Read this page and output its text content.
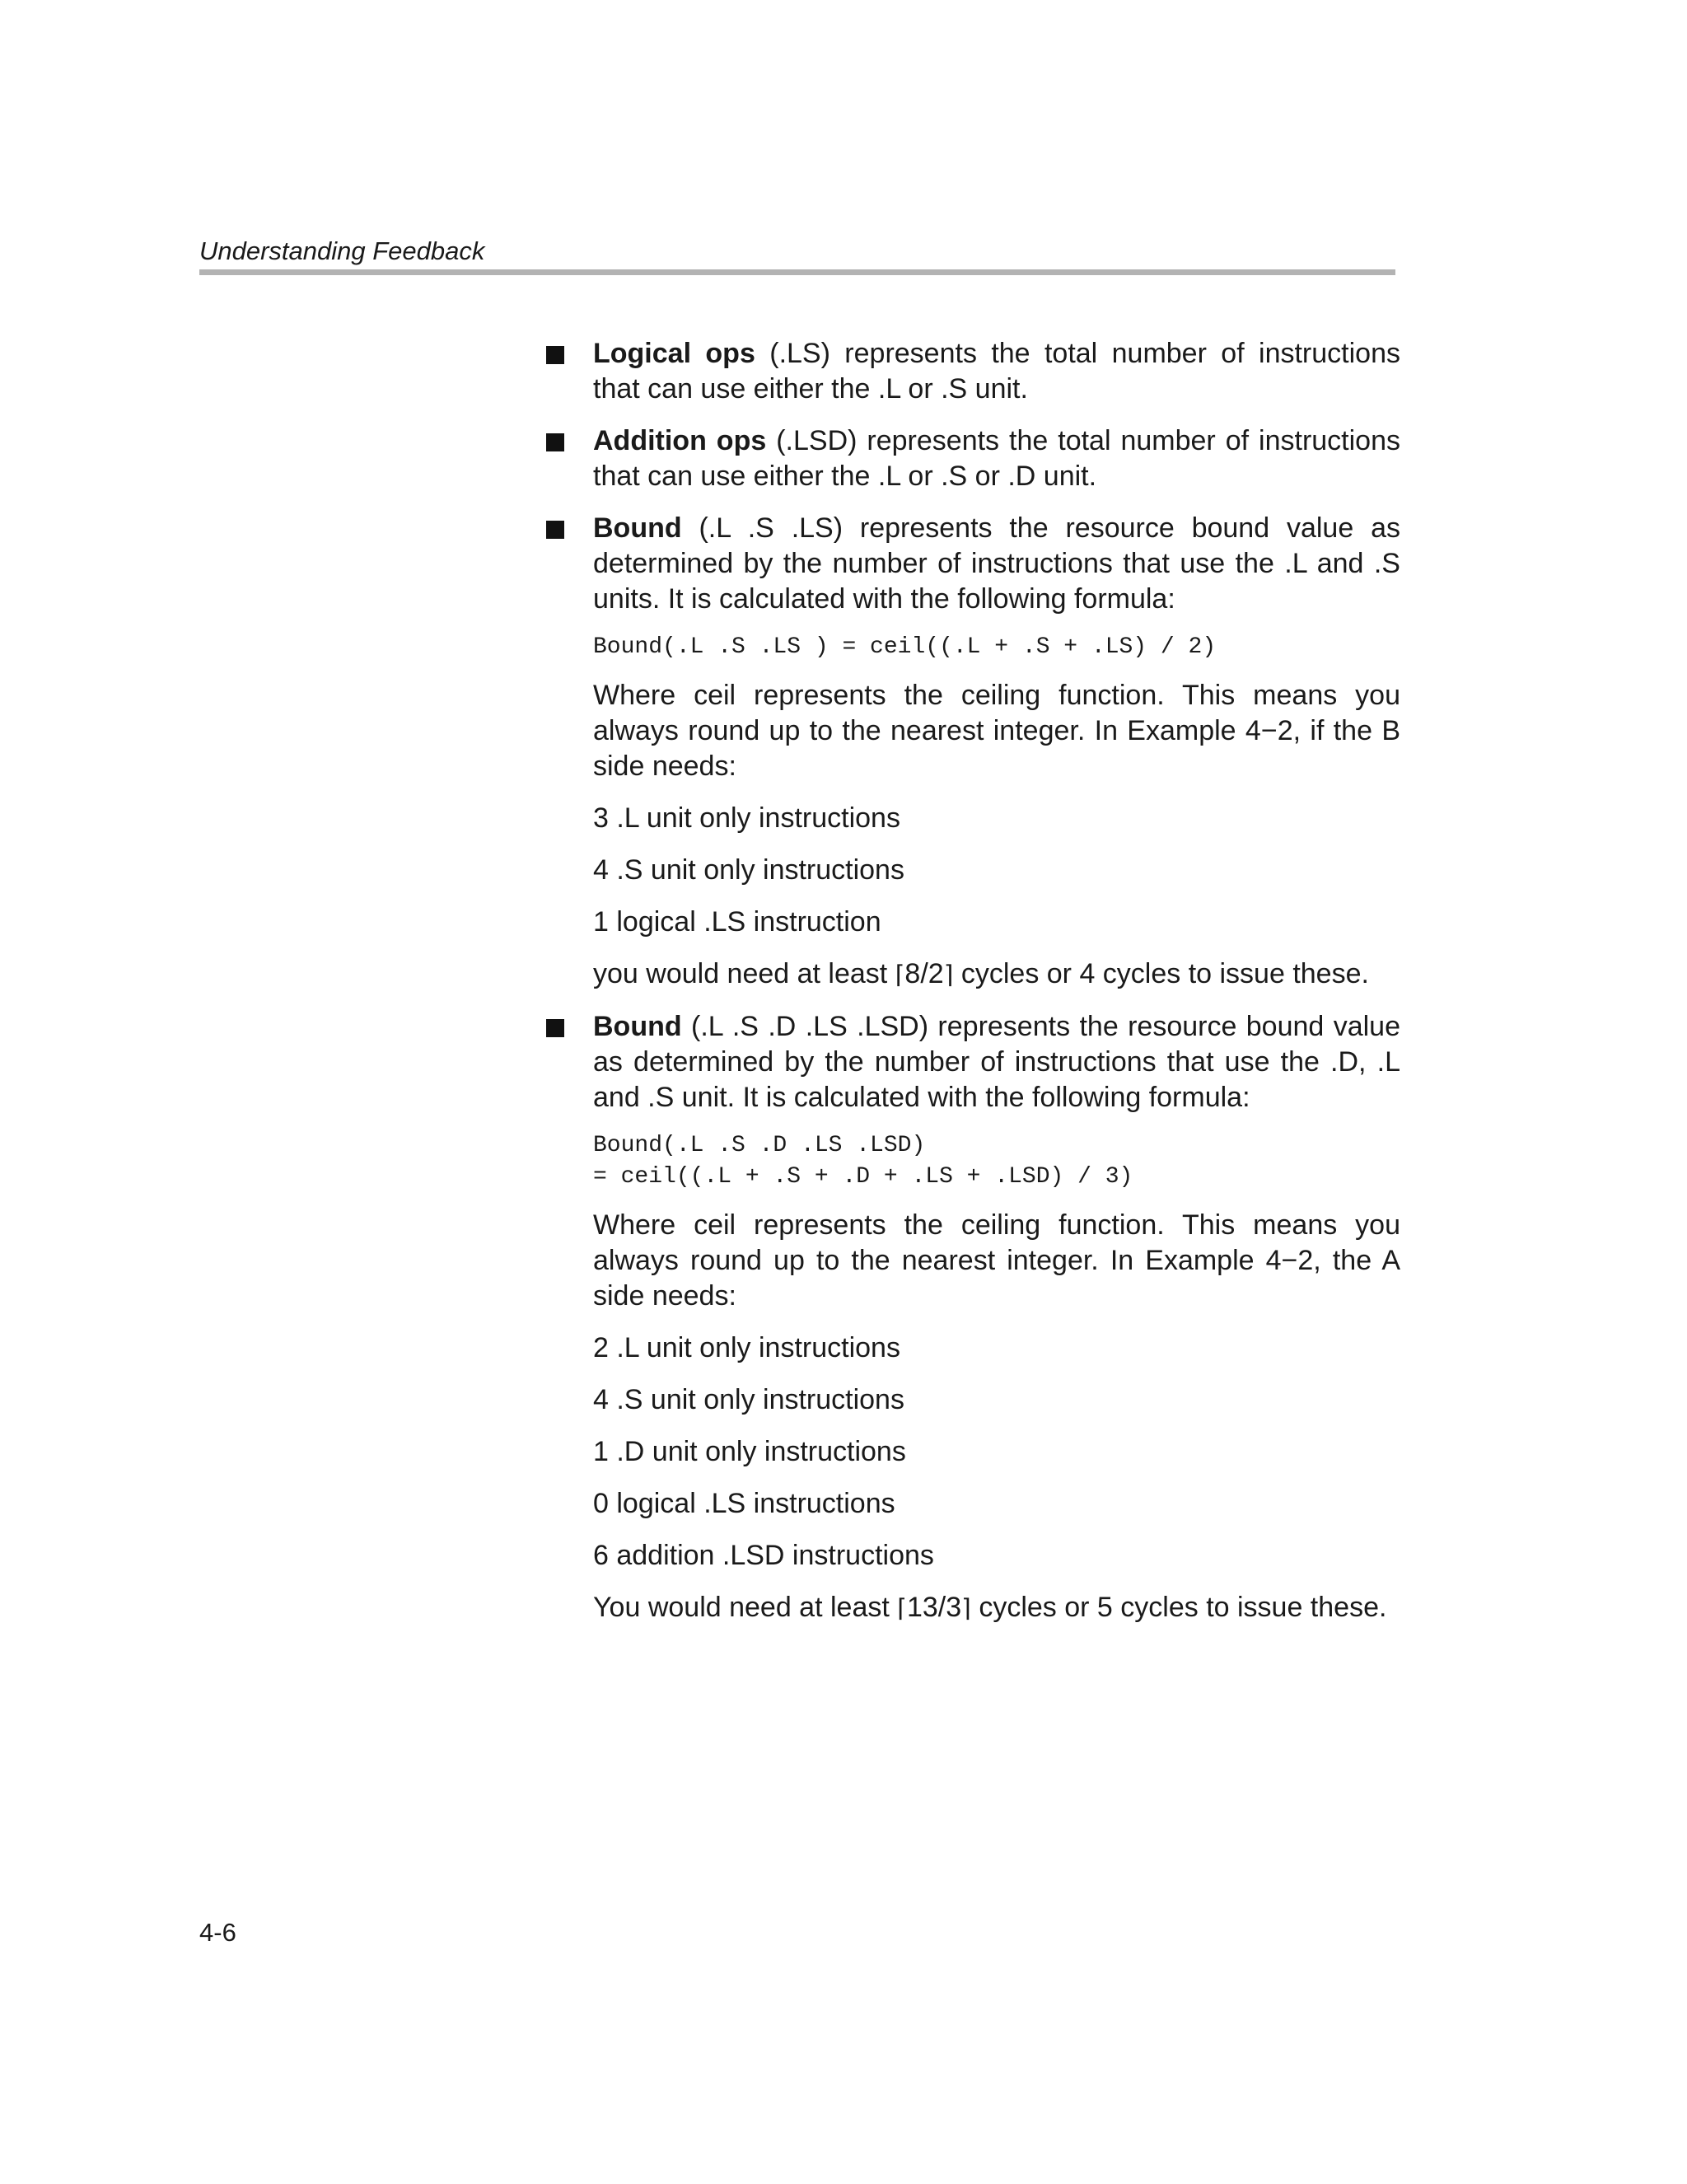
Understanding Feedback

Logical ops (.LS) represents the total number of instructions that can use either the .L or .S unit.

Addition ops (.LSD) represents the total number of instructions that can use either the .L or .S or .D unit.

Bound (.L .S .LS) represents the resource bound value as determined by the number of instructions that use the .L and .S units. It is calculated with the following formula:

Bound(.L .S .LS ) = ceil((.L + .S + .LS) / 2)

Where ceil represents the ceiling function. This means you always round up to the nearest integer. In Example 4−2, if the B side needs:

3 .L unit only instructions

4 .S unit only instructions

1 logical .LS instruction

you would need at least ⌈8/2⌉ cycles or 4 cycles to issue these.

Bound (.L .S .D .LS .LSD) represents the resource bound value as determined by the number of instructions that use the .D, .L and .S unit. It is calculated with the following formula:

Bound(.L .S .D .LS .LSD)
= ceil((.L + .S + .D + .LS + .LSD) / 3)

Where ceil represents the ceiling function. This means you always round up to the nearest integer. In Example 4−2, the A side needs:

2 .L unit only instructions

4 .S unit only instructions

1 .D unit only instructions

0 logical .LS instructions

6 addition .LSD instructions

You would need at least ⌈13/3⌉ cycles or 5 cycles to issue these.

4-6
